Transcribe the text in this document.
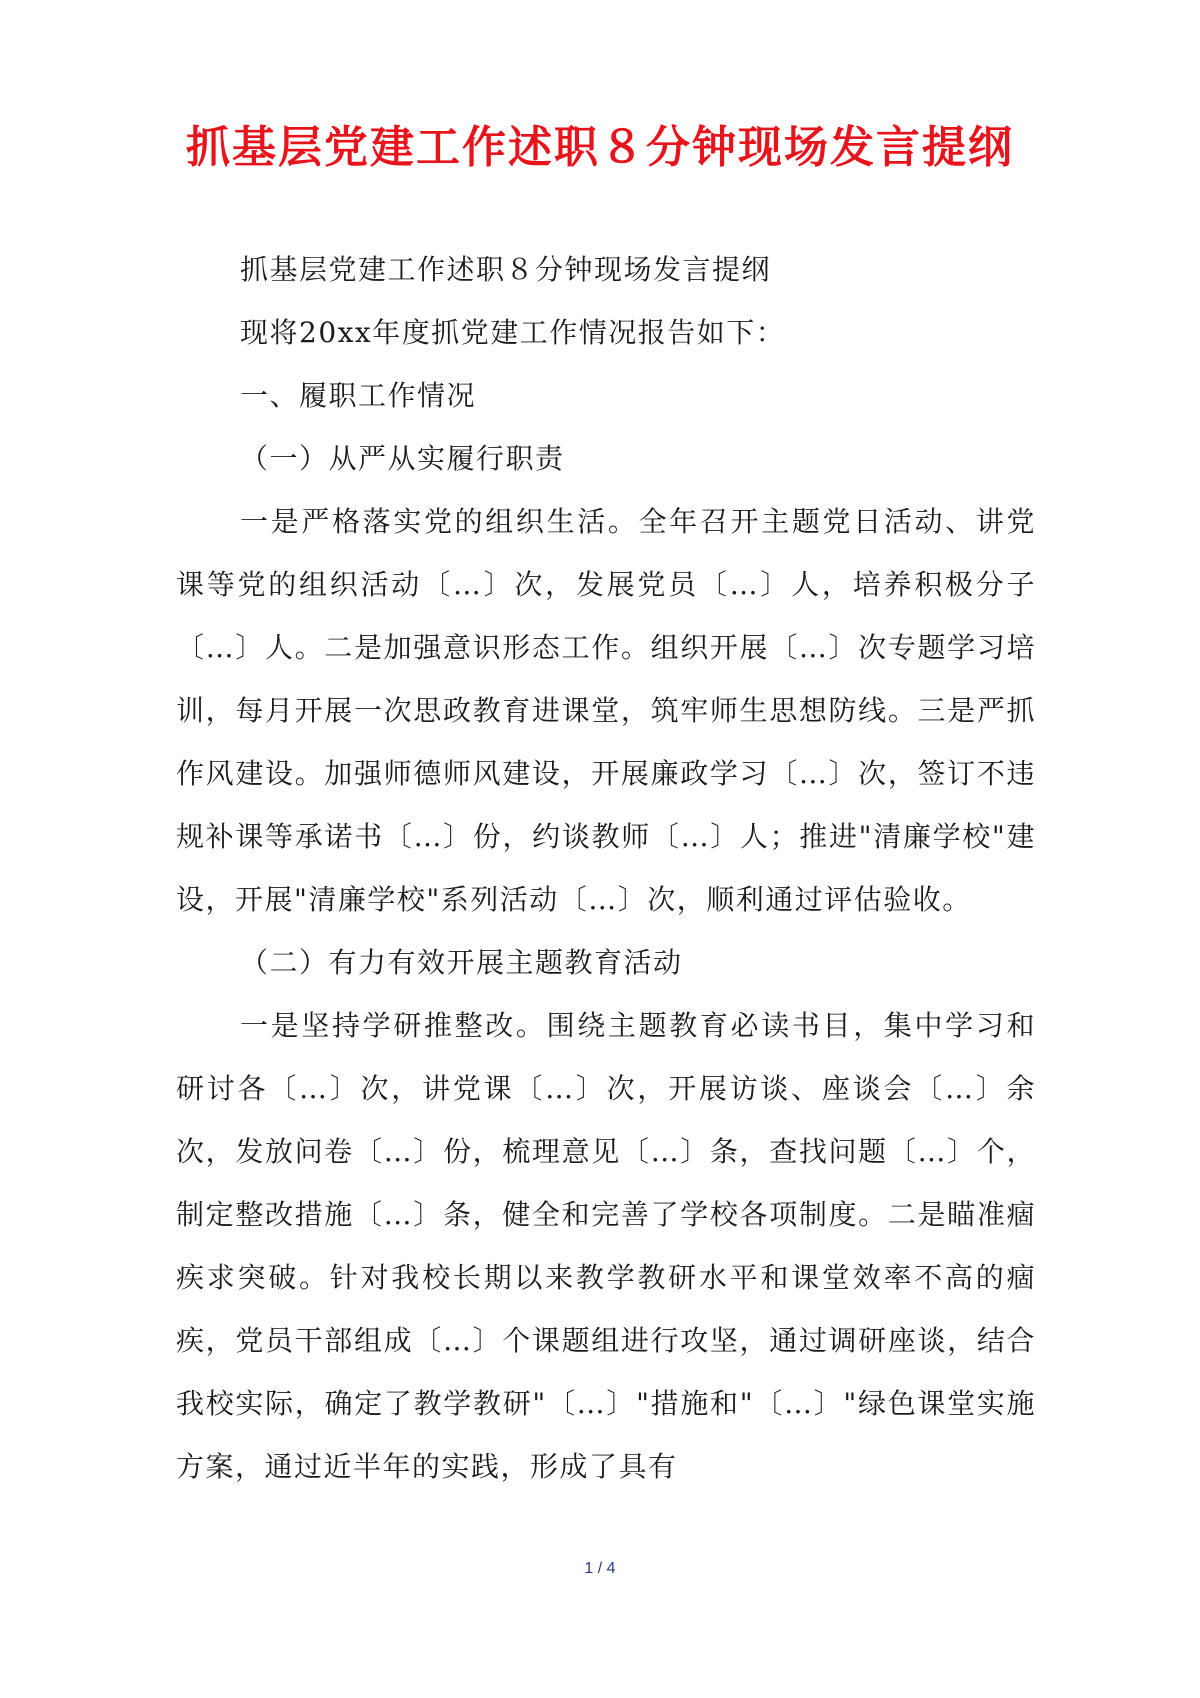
抓基层党建工作述职８分钟现场发言提纲

抓基层党建工作述职８分钟现场发言提纲

现将20xx年度抓党建工作情况报告如下：

一、履职工作情况

（一）从严从实履行职责

一是严格落实党的组织生活。全年召开主题党日活动、讲党课等党的组织活动〔…〕次，发展党员〔…〕人，培养积极分子〔…〕人。二是加强意识形态工作。组织开展〔…〕次专题学习培训，每月开展一次思政教育进课堂，筑牢师生思想防线。三是严抓作风建设。加强师德师风建设，开展廉政学习〔…〕次，签订不违规补课等承诺书〔…〕份，约谈教师〔…〕人；推进"清廉学校"建设，开展"清廉学校"系列活动〔…〕次，顺利通过评估验收。

（二）有力有效开展主题教育活动

一是坚持学研推整改。围绕主题教育必读书目，集中学习和研讨各〔…〕次，讲党课〔…〕次，开展访谈、座谈会〔…〕余次，发放问卷〔…〕份，梳理意见〔…〕条，查找问题〔…〕个，制定整改措施〔…〕条，健全和完善了学校各项制度。二是瞄准痼疾求突破。针对我校长期以来教学教研水平和课堂效率不高的痼疾，党员干部组成〔…〕个课题组进行攻坚，通过调研座谈，结合我校实际，确定了教学教研"〔…〕"措施和"〔…〕"绿色课堂实施方案，通过近半年的实践，形成了具有

1 / 4
